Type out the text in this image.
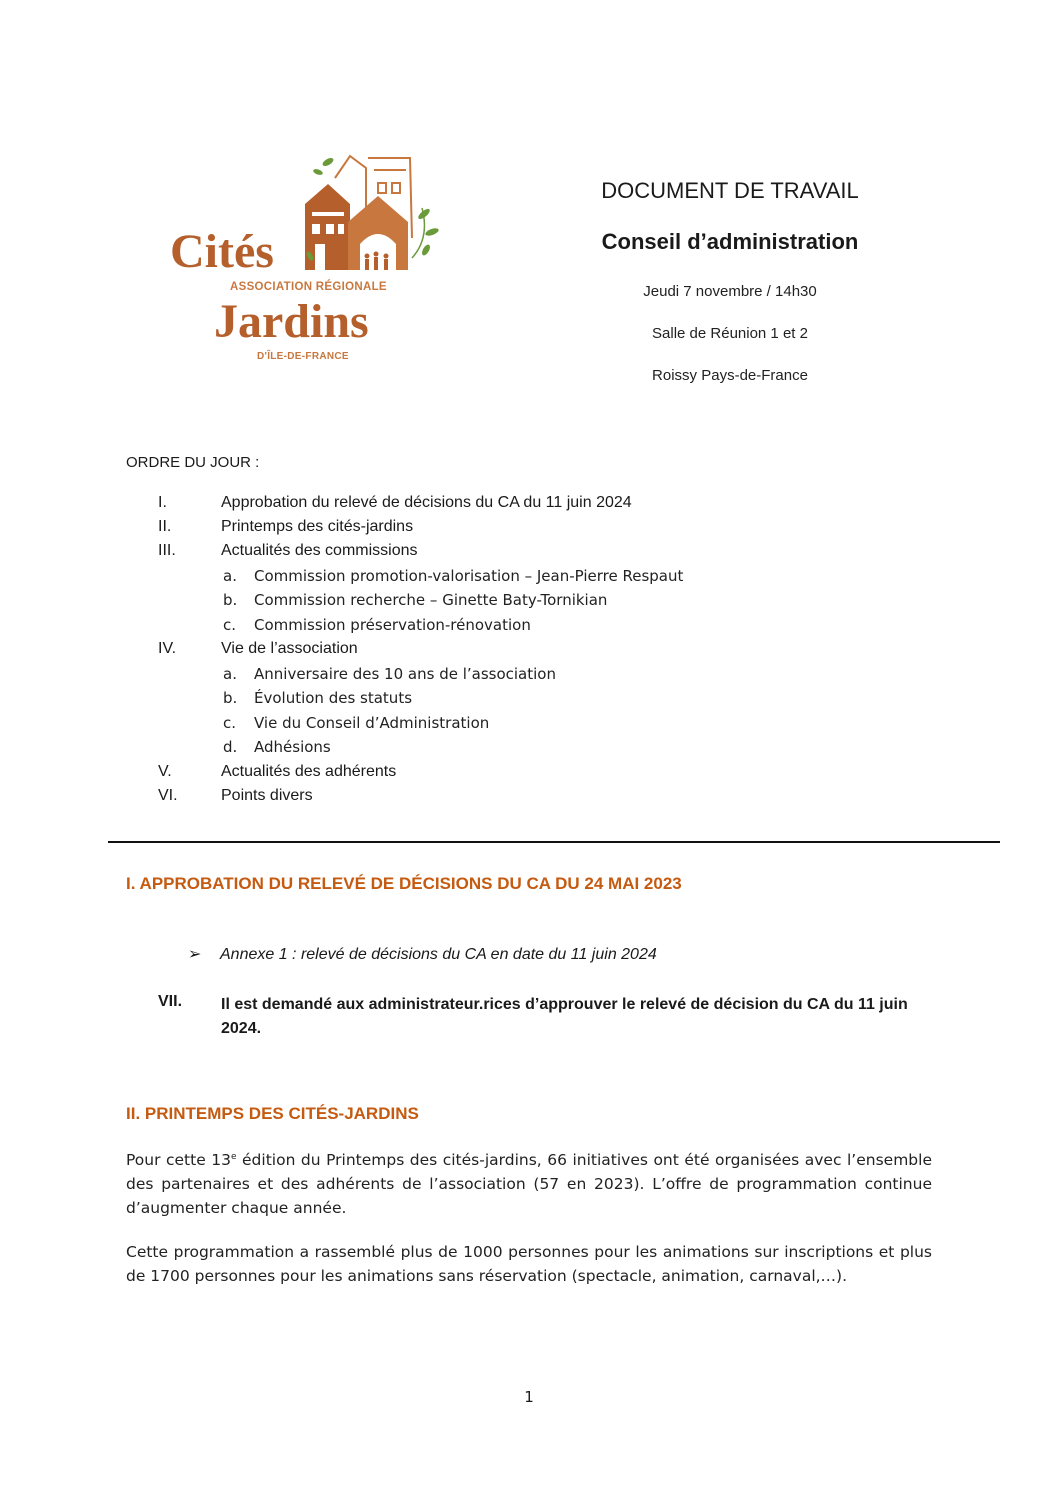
Cités
ASSOCIATION RÉGIONALE
Jardins
D'ÎLE-DE-FRANCE
DOCUMENT DE TRAVAIL
Conseil d’administration
Jeudi 7 novembre / 14h30
Salle de Réunion 1 et 2
Roissy Pays-de-France
ORDRE DU JOUR :
I.	Approbation du relevé de décisions du CA du 11 juin 2024
II.	Printemps des cités-jardins
III.	Actualités des commissions
a.	Commission promotion-valorisation – Jean-Pierre Respaut
b.	Commission recherche – Ginette Baty-Tornikian
c.	Commission préservation-rénovation
IV.	Vie de l’association
a.	Anniversaire des 10 ans de l’association
b.	Évolution des statuts
c.	Vie du Conseil d’Administration
d.	Adhésions
V.	Actualités des adhérents
VI.	Points divers
I. APPROBATION DU RELEVÉ DE DÉCISIONS DU CA DU 24 MAI 2023
➢ Annexe 1 : relevé de décisions du CA en date du 11 juin 2024
VII. Il est demandé aux administrateur.rices d’approuver le relevé de décision du CA du 11 juin 2024.
II. PRINTEMPS DES CITÉS-JARDINS
Pour cette 13e édition du Printemps des cités-jardins, 66 initiatives ont été organisées avec l’ensemble des partenaires et des adhérents de l’association (57 en 2023). L’offre de programmation continue d’augmenter chaque année.
Cette programmation a rassemblé plus de 1000 personnes pour les animations sur inscriptions et plus de 1700 personnes pour les animations sans réservation (spectacle, animation, carnaval,…).
1
